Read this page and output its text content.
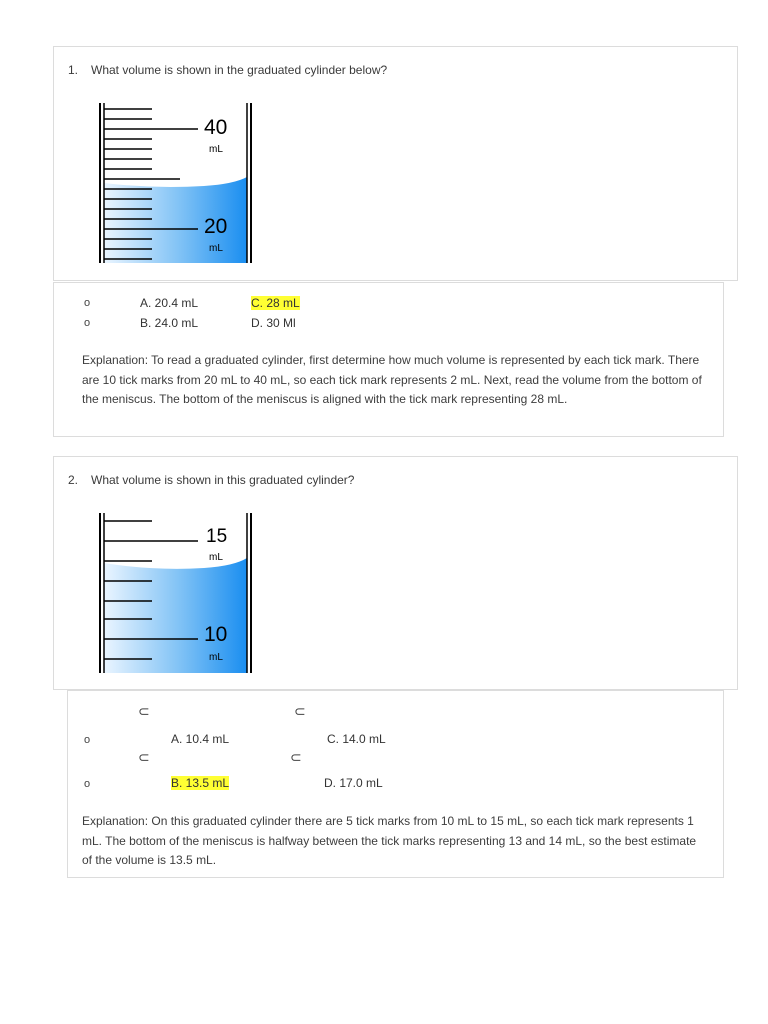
1. What volume is shown in the graduated cylinder below?
40
mL
20
mL
o
o
A. 20.4 mL	C. 28 mL
B. 24.0 mL	D. 30 Ml
Explanation: To read a graduated cylinder, first determine how much volume is represented by each tick mark. There are 10 tick marks from 20 mL to 40 mL, so each tick mark represents 2 mL. Next, read the volume from the bottom of the meniscus. The bottom of the meniscus is aligned with the tick mark representing 28 mL.
2. What volume is shown in this graduated cylinder?
15
mL
10
mL
⊂	⊂
o	A. 10.4 mL	C. 14.0 mL
⊂	⊂
o	B. 13.5 mL	D. 17.0 mL
Explanation: On this graduated cylinder there are 5 tick marks from 10 mL to 15 mL, so each tick mark represents 1 mL. The bottom of the meniscus is halfway between the tick marks representing 13 and 14 mL, so the best estimate of the volume is 13.5 mL.
